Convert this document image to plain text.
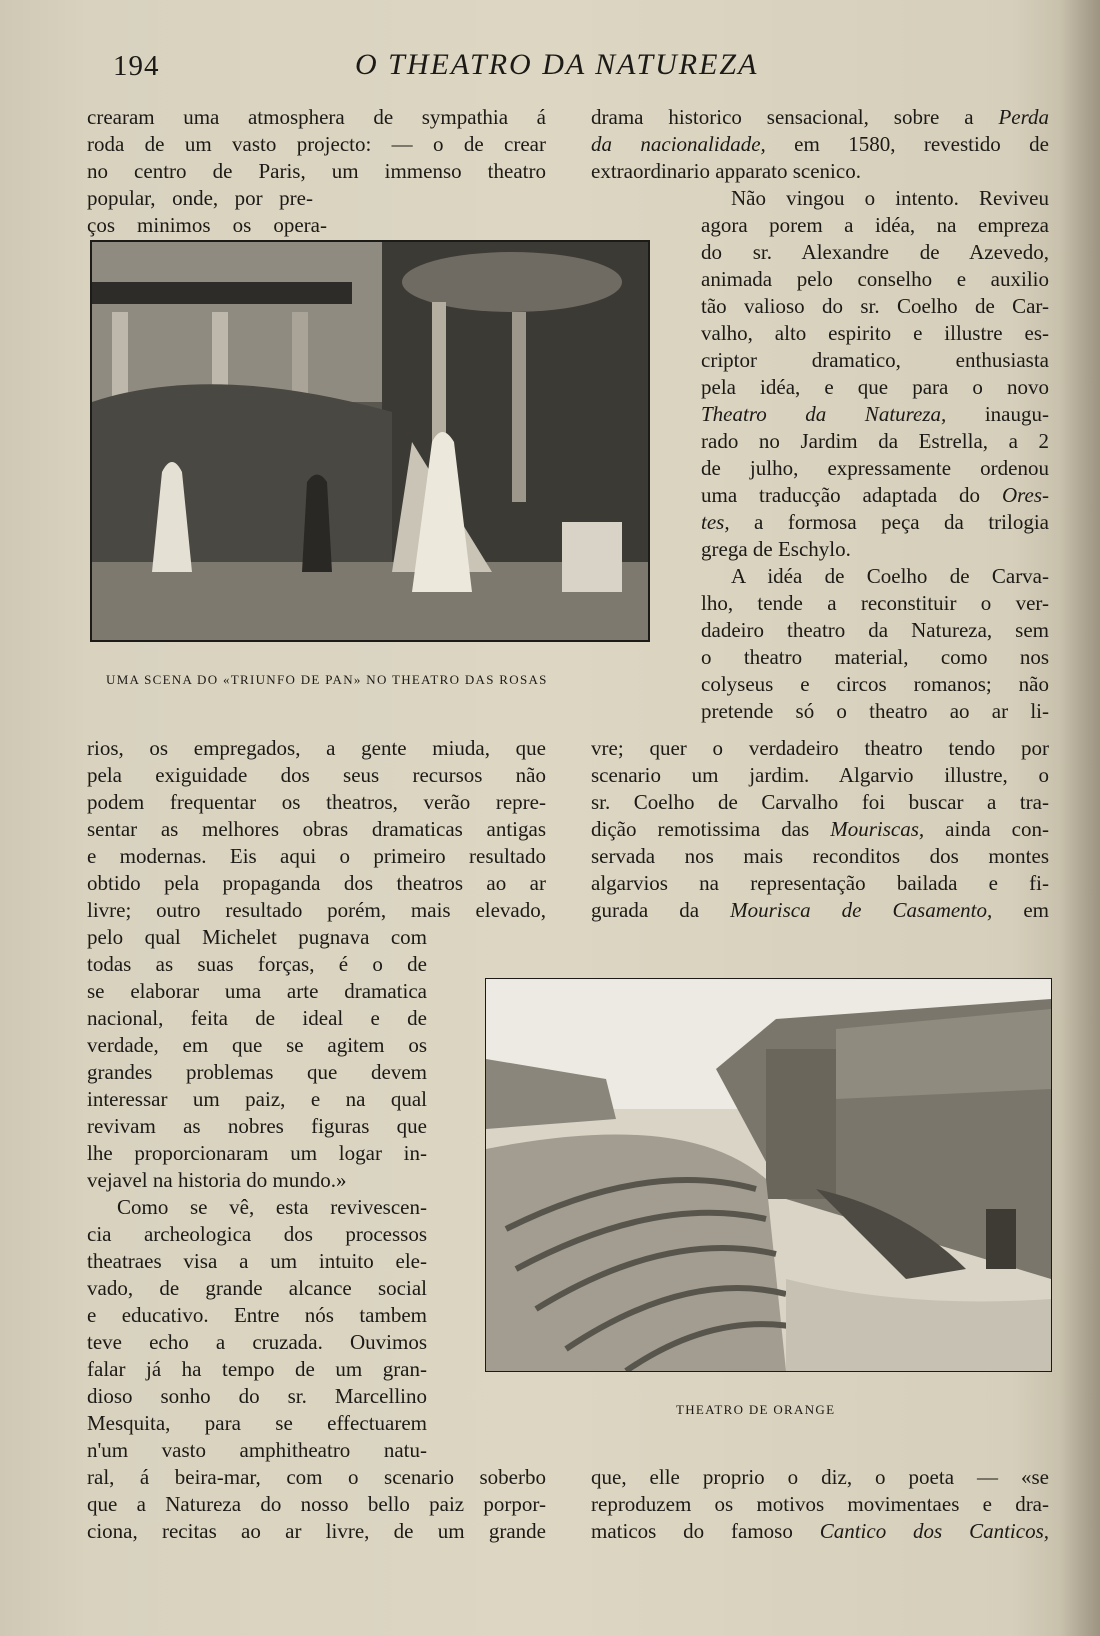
194	O THEATRO DA NATUREZA
crearam uma atmosphera de sympathia á
roda de um vasto projecto: — o de crear
no centro de Paris, um immenso theatro
popular, onde, por pre-
ços minimos os opera-
UMA SCENA DO «TRIUNFO DE PAN» NO THEATRO DAS ROSAS
rios, os empregados, a gente miuda, que
pela exiguidade dos seus recursos não
podem frequentar os theatros, verão repre-
sentar as melhores obras dramaticas antigas
e modernas. Eis aqui o primeiro resultado
obtido pela propaganda dos theatros ao ar
livre; outro resultado porém, mais elevado,
pelo qual Michelet pugnava com
todas as suas forças, é o de
se elaborar uma arte dramatica
nacional, feita de ideal e de
verdade, em que se agitem os
grandes problemas que devem
interessar um paiz, e na qual
revivam as nobres figuras que
lhe proporcionaram um logar in-
vejavel na historia do mundo.»
Como se vê, esta revivescen-
cia archeologica dos processos
theatraes visa a um intuito ele-
vado, de grande alcance social
e educativo. Entre nós tambem
teve echo a cruzada. Ouvimos
falar já ha tempo de um gran-
dioso sonho do sr. Marcellino
Mesquita, para se effectuarem
n'um vasto amphitheatro natu-
ral, á beira-mar, com o scenario soberbo
que a Natureza do nosso bello paiz porpor-
ciona, recitas ao ar livre, de um grande
drama historico sensacional, sobre a Perda
da nacionalidade, em 1580, revestido de
extraordinario apparato scenico.
Não vingou o intento. Reviveu
agora porem a idéa, na empreza
do sr. Alexandre de Azevedo,
animada pelo conselho e auxilio
tão valioso do sr. Coelho de Car-
valho, alto espirito e illustre es-
criptor dramatico, enthusiasta
pela idéa, e que para o novo
Theatro da Natureza, inaugu-
rado no Jardim da Estrella, a 2
de julho, expressamente ordenou
uma traducção adaptada do Ores-
tes, a formosa peça da trilogia
grega de Eschylo.
A idéa de Coelho de Carva-
lho, tende a reconstituir o ver-
dadeiro theatro da Natureza, sem
o theatro material, como nos
colyseus e circos romanos; não
pretende só o theatro ao ar li-
vre; quer o verdadeiro theatro tendo por
scenario um jardim. Algarvio illustre, o
sr. Coelho de Carvalho foi buscar a tra-
dição remotissima das Mouriscas, ainda con-
servada nos mais reconditos dos montes
algarvios na representação bailada e fi-
gurada da Mourisca de Casamento, em
THEATRO DE ORANGE
que, elle proprio o diz, o poeta — «se
reproduzem os motivos movimentaes e dra-
maticos do famoso Cantico dos Canticos,
